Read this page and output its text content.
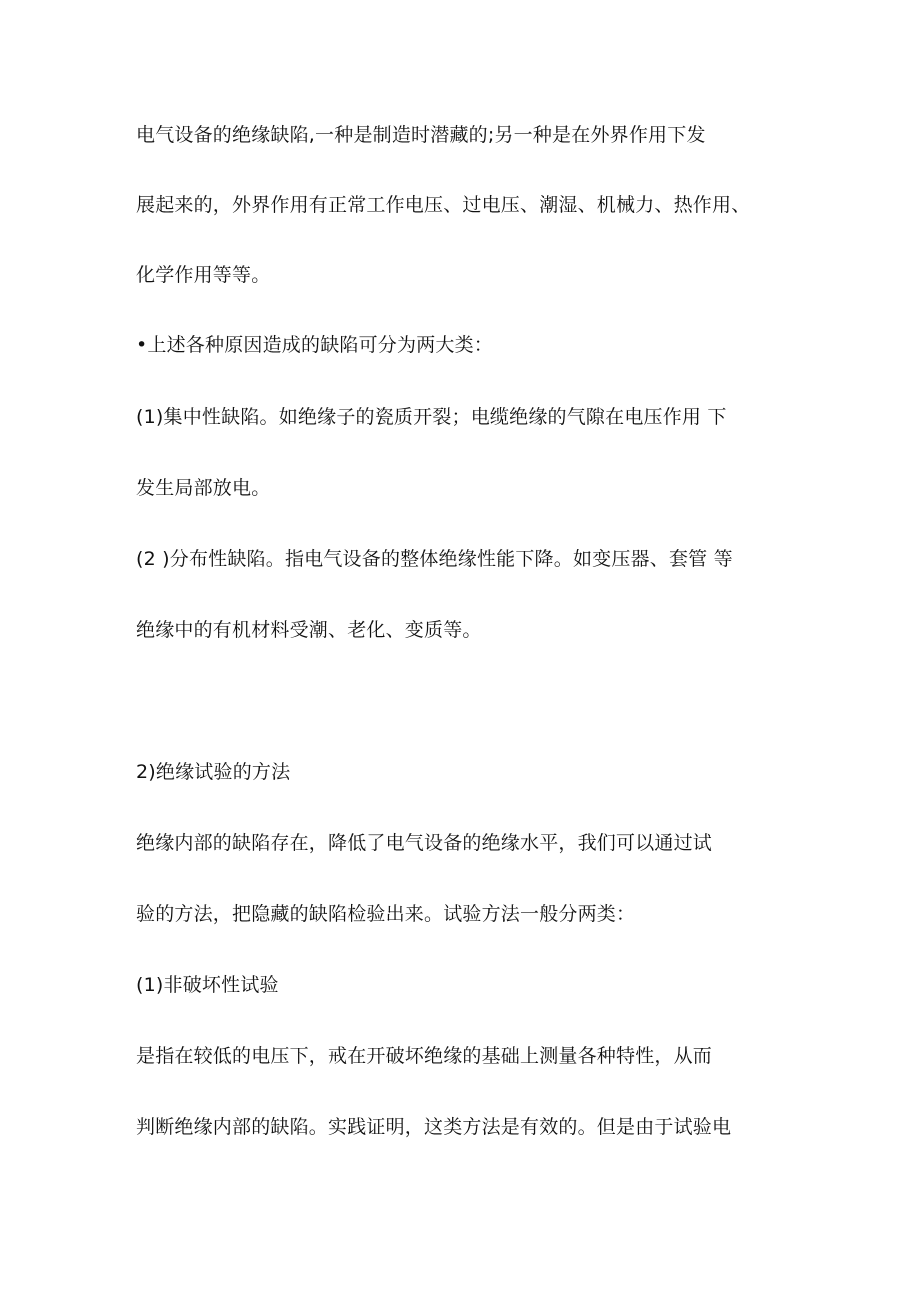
电气设备的绝缘缺陷,一种是制造时潜藏的;另一种是在外界作用下发
展起来的，外界作用有正常工作电压、过电压、潮湿、机械力、热作用、
化学作用等等。
•上述各种原因造成的缺陷可分为两大类：
(1)集中性缺陷。如绝缘子的瓷质开裂；电缆绝缘的气隙在电压作用 下
发生局部放电。
(2 )分布性缺陷。指电气设备的整体绝缘性能下降。如变压器、套管 等
绝缘中的有机材料受潮、老化、变质等。
2)绝缘试验的方法
绝缘内部的缺陷存在，降低了电气设备的绝缘水平，我们可以通过试
验的方法，把隐藏的缺陷检验出来。试验方法一般分两类：
(1)非破坏性试验
是指在较低的电压下，戒在开破坏绝缘的基础上测量各种特性，从而
判断绝缘内部的缺陷。实践证明，这类方法是有效的。但是由于试验电
